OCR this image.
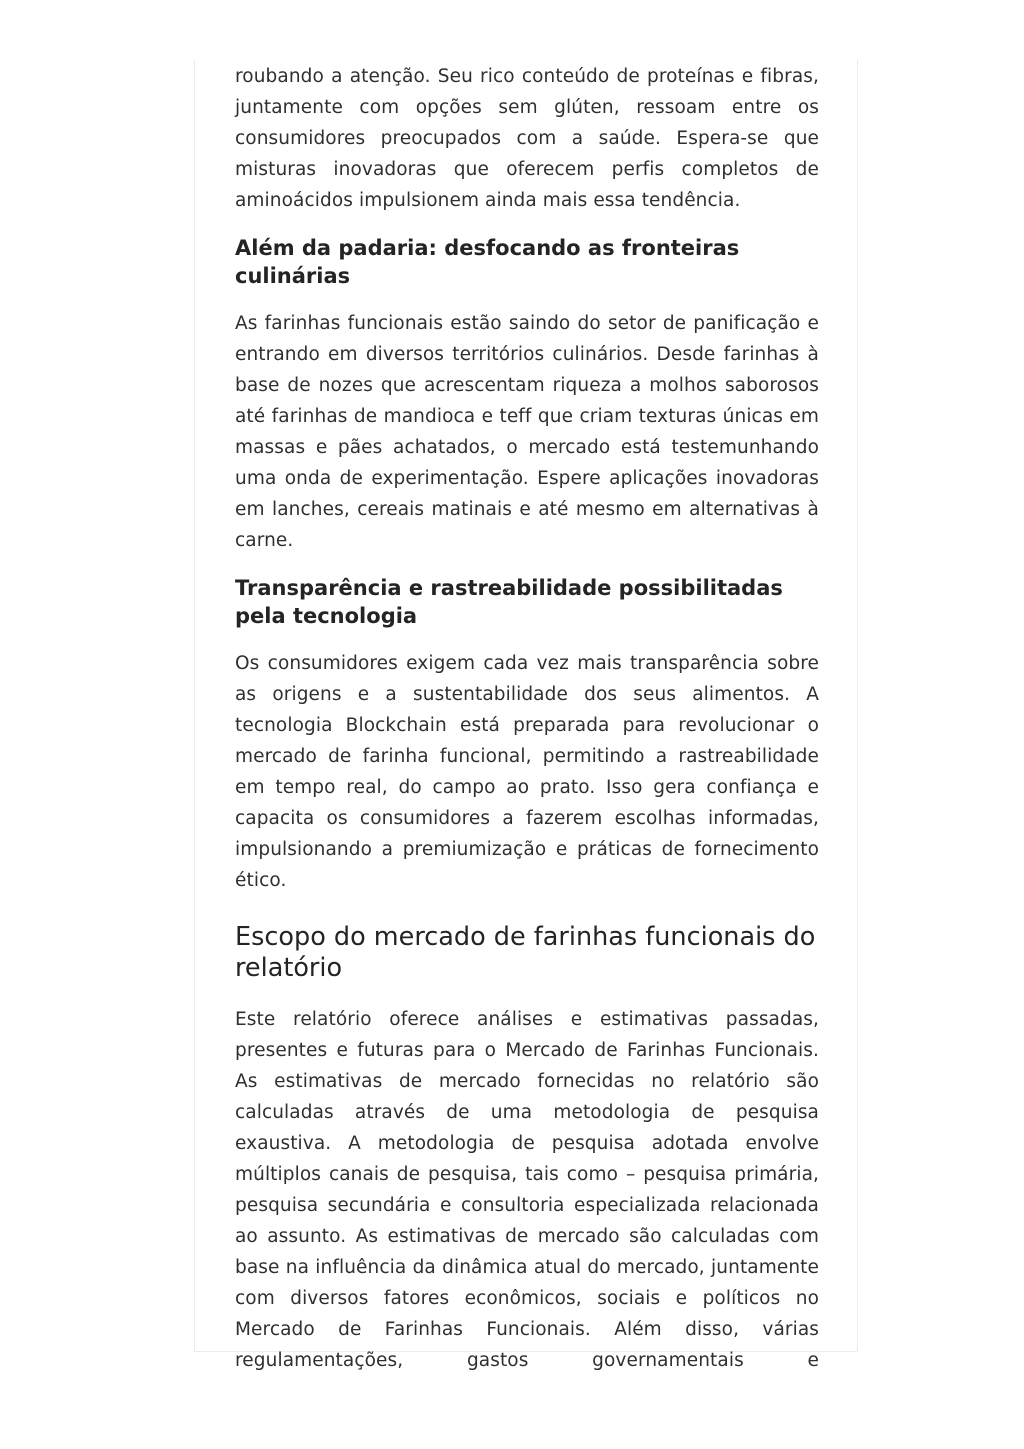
roubando a atenção. Seu rico conteúdo de proteínas e fibras, juntamente com opções sem glúten, ressoam entre os consumidores preocupados com a saúde. Espera-se que misturas inovadoras que oferecem perfis completos de aminoácidos impulsionem ainda mais essa tendência.

Além da padaria: desfocando as fronteiras culinárias

As farinhas funcionais estão saindo do setor de panificação e entrando em diversos territórios culinários. Desde farinhas à base de nozes que acrescentam riqueza a molhos saborosos até farinhas de mandioca e teff que criam texturas únicas em massas e pães achatados, o mercado está testemunhando uma onda de experimentação. Espere aplicações inovadoras em lanches, cereais matinais e até mesmo em alternativas à carne.

Transparência e rastreabilidade possibilitadas pela tecnologia

Os consumidores exigem cada vez mais transparência sobre as origens e a sustentabilidade dos seus alimentos. A tecnologia Blockchain está preparada para revolucionar o mercado de farinha funcional, permitindo a rastreabilidade em tempo real, do campo ao prato. Isso gera confiança e capacita os consumidores a fazerem escolhas informadas, impulsionando a premiumização e práticas de fornecimento ético.

Escopo do mercado de farinhas funcionais do relatório

Este relatório oferece análises e estimativas passadas, presentes e futuras para o Mercado de Farinhas Funcionais. As estimativas de mercado fornecidas no relatório são calculadas através de uma metodologia de pesquisa exaustiva. A metodologia de pesquisa adotada envolve múltiplos canais de pesquisa, tais como – pesquisa primária, pesquisa secundária e consultoria especializada relacionada ao assunto. As estimativas de mercado são calculadas com base na influência da dinâmica atual do mercado, juntamente com diversos fatores econômicos, sociais e políticos no Mercado de Farinhas Funcionais. Além disso, várias regulamentações, gastos governamentais e
